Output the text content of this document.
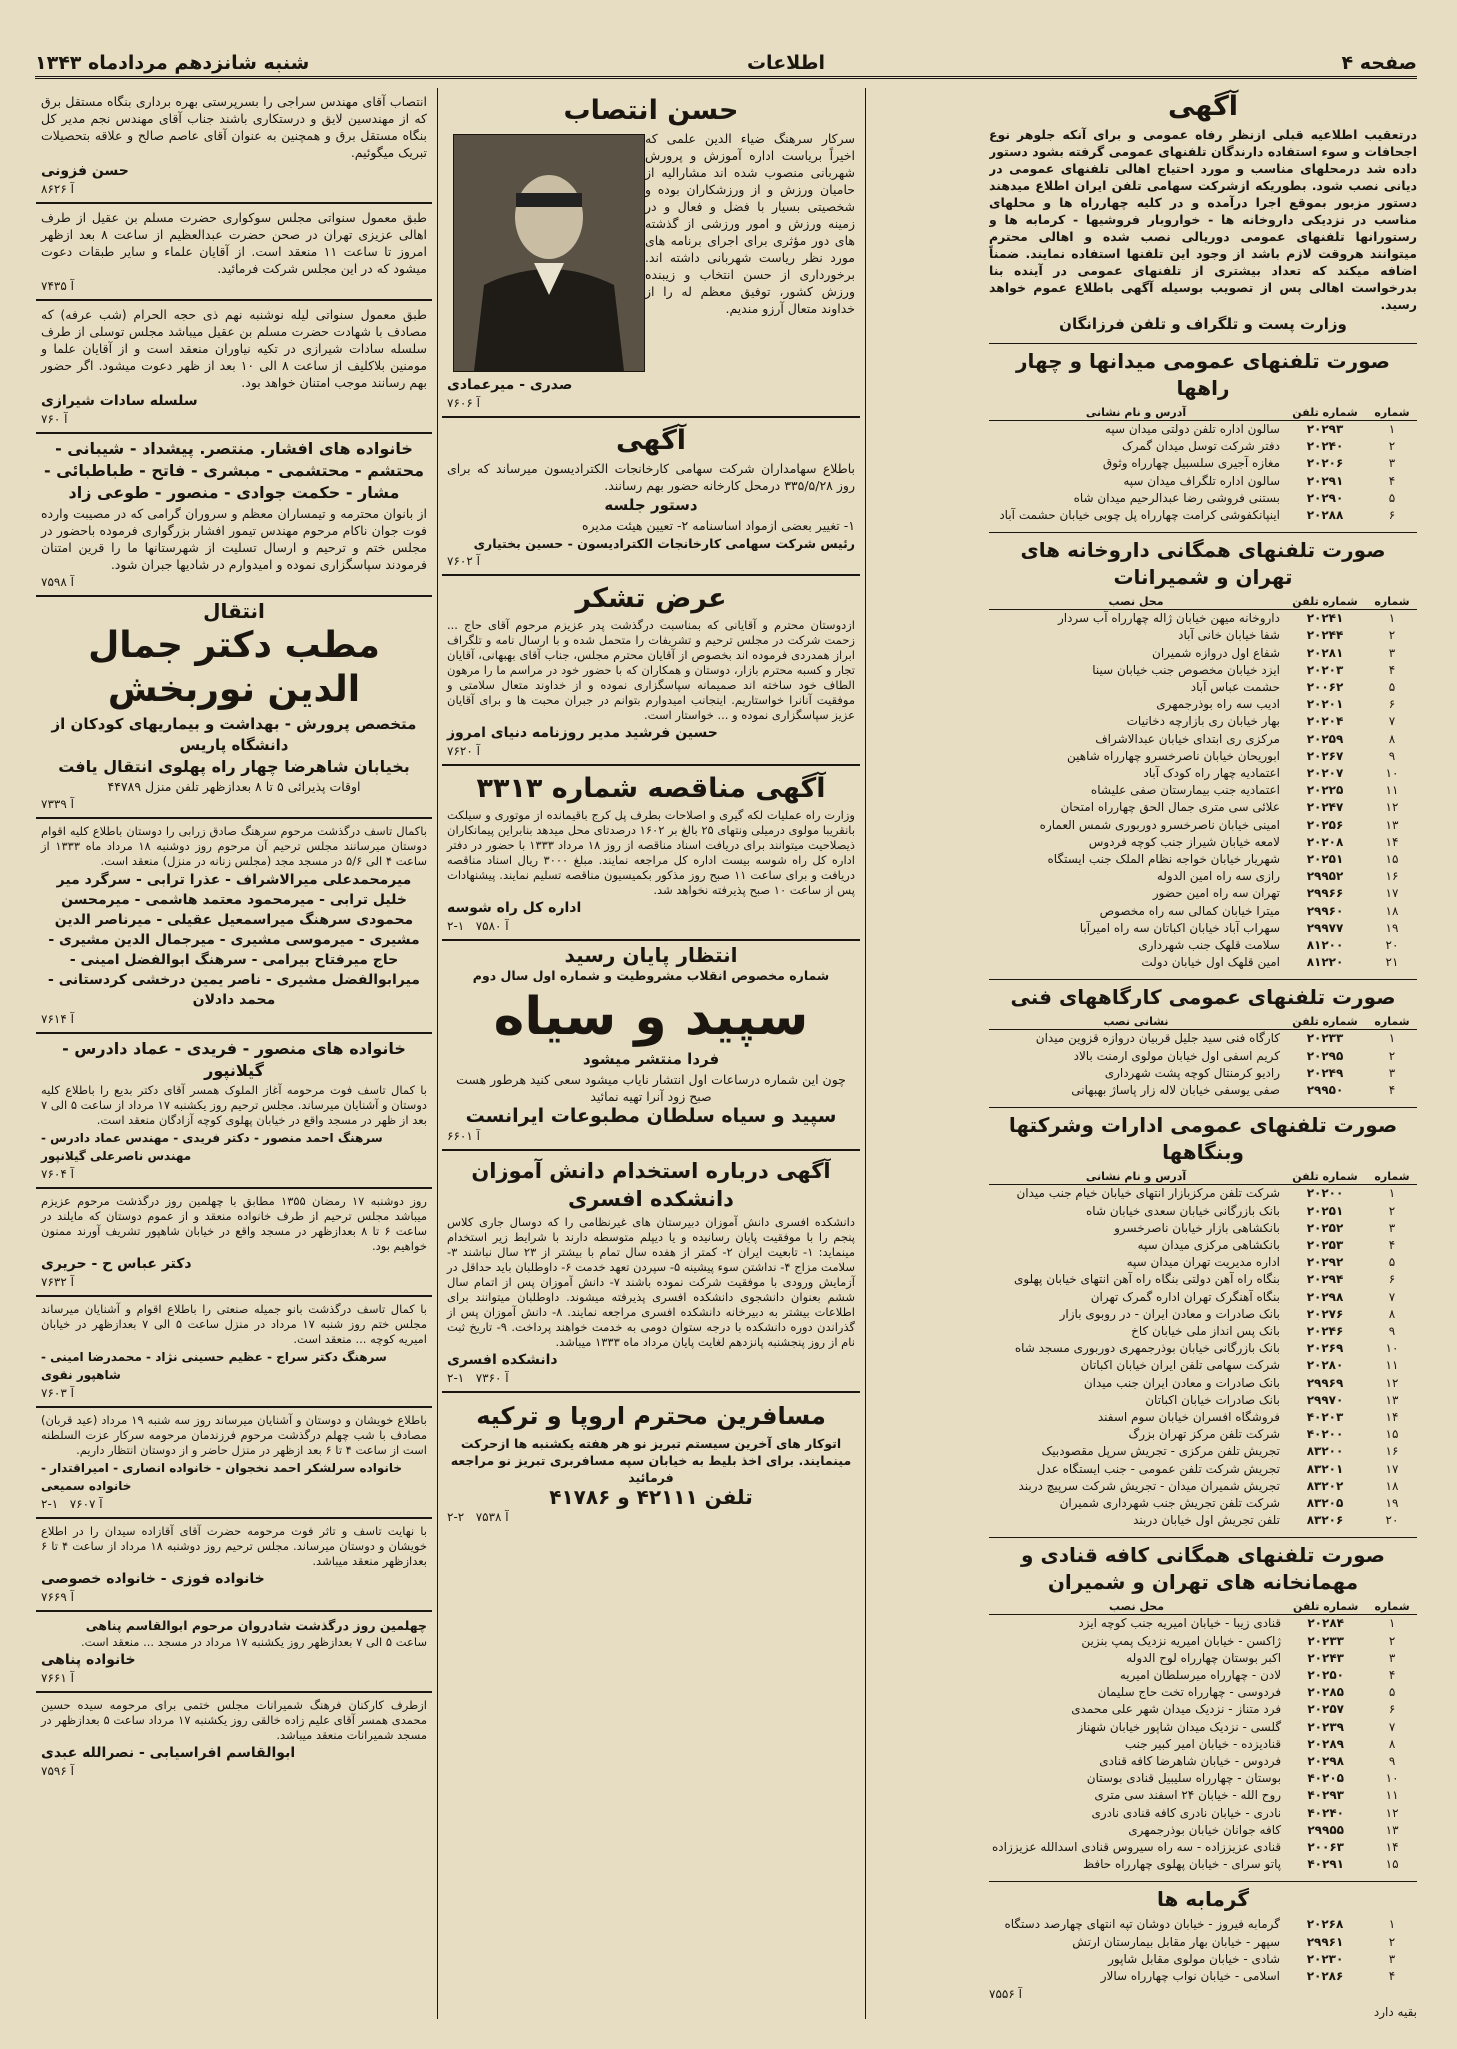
صفحه ۴
اطلاعات
شنبه شانزدهم مردادماه ۱۳۴۳
آگهی
درتعقیب اطلاعیه قبلی ازنظر رفاه عمومی و برای آنکه جلوهر نوع اجحافات و سوء استفاده دارندگان تلفنهای عمومی گرفته بشود دستور داده شد درمحلهای مناسب و مورد احتیاج اهالی تلفنهای عمومی در دیانی نصب شود. بطوریکه ازشرکت سهامی تلفن ایران اطلاع میدهند دستور مزبور بموقع اجرا درآمده و در کلیه چهارراه ها و محلهای مناسب در نزدیکی داروخانه ها - خواروبار فروشیها - کرمابه ها و رستورانها تلفنهای عمومی دوریالی نصب شده و اهالی محترم میتوانند هروقت لازم باشد از وجود این تلفنها استفاده نمایند. ضمناً اضافه میکند که تعداد بیشتری از تلفنهای عمومی در آینده بنا بدرخواست اهالی پس از تصویب بوسیله آگهی باطلاع عموم خواهد رسید.
وزارت پست و تلگراف و تلفن فرزانگان
صورت تلفنهای عمومی میدانها و چهار راهها
شماره	شماره تلفن	آدرس و نام نشانی
۱	۲۰۲۹۳	سالون اداره تلفن دولتی میدان سپه
۲	۲۰۲۴۰	دفتر شرکت توسل میدان گمرک
۳	۲۰۲۰۶	مغازه آجیری سلسبیل چهارراه وثوق
۴	۲۰۲۹۱	سالون اداره تلگراف میدان سپه
۵	۲۰۲۹۰	بستنی فروشی رضا عبدالرحیم میدان شاه
۶	۲۰۲۸۸	اینپانکفوشی کرامت چهارراه پل چوبی خیابان حشمت آباد
صورت تلفنهای همگانی داروخانه های تهران و شمیرانات
شماره	شماره تلفن	محل نصب
۱	۲۰۲۴۱	داروخانه میهن خیابان ژاله چهارراه آب سردار
۲	۲۰۲۴۴	شفا خیابان خانی آباد
۳	۲۰۲۸۱	شفاع اول دروازه شمیران
۴	۲۰۲۰۳	ایزد خیابان مخصوص جنب خیابان سینا
۵	۲۰۰۶۲	حشمت عباس آباد
۶	۲۰۲۰۱	ادیب سه راه بوذرجمهری
۷	۲۰۲۰۴	بهار خیابان ری بازارچه دخانیات
۸	۲۰۲۵۹	مرکزی ری ابتدای خیابان عبدالاشراف
۹	۲۰۲۶۷	ابوریحان خیابان ناصرخسرو چهارراه شاهین
۱۰	۲۰۲۰۷	اعتمادیه چهار راه کودک آباد
۱۱	۲۰۲۲۵	اعتمادیه جنب بیمارستان صفی علیشاه
۱۲	۲۰۲۴۷	علائی سی متری جمال الحق چهارراه امتحان
۱۳	۲۰۲۵۶	امینی خیابان ناصرخسرو دوربوری شمس العماره
۱۴	۲۰۲۰۸	لامعه خیابان شیراز جنب کوچه فردوس
۱۵	۲۰۲۵۱	شهریار خیابان خواجه نظام الملک جنب ایستگاه
۱۶	۲۹۹۵۲	رازی سه راه امین الدوله
۱۷	۲۹۹۶۶	تهران سه راه امین حضور
۱۸	۲۹۹۶۰	میترا خیابان کمالی سه راه مخصوص
۱۹	۲۹۹۷۷	سهراب آباد خیابان اکباتان سه راه امیرآبا
۲۰	۸۱۲۰۰	سلامت قلهک جنب شهرداری
۲۱	۸۱۲۲۰	امین قلهک اول خیابان دولت
صورت تلفنهای عمومی کارگاههای فنی
شماره	شماره تلفن	نشانی نصب
۱	۲۰۲۳۳	کارگاه فنی سید جلیل قربیان دروازه قزوین میدان
۲	۲۰۲۹۵	کریم اسفی اول خیابان مولوی ارمنت بالاد
۳	۲۰۲۴۹	رادیو کرمنتال کوچه پشت شهرداری
۴	۲۹۹۵۰	صفی یوسفی خیابان لاله زار پاساژ بهبهانی
صورت تلفنهای عمومی ادارات وشرکتها وبنگاهها
شماره	شماره تلفن	آدرس و نام نشانی
۱	۲۰۲۰۰	شرکت تلفن مرکزبازار انتهای خیابان خیام جنب میدان
۲	۲۰۲۵۱	بانک بازرگانی خیابان سعدی خیابان شاه
۳	۲۰۲۵۲	بانکشاهی بازار خیابان ناصرخسرو
۴	۲۰۲۵۳	بانکشاهی مرکزی میدان سپه
۵	۲۰۲۹۲	اداره مدیریت تهران میدان سپه
۶	۲۰۲۹۴	بنگاه راه آهن دولتی بنگاه راه آهن انتهای خیابان پهلوی
۷	۲۰۲۹۸	بنگاه آهنگرک تهران اداره گمرک تهران
۸	۲۰۲۷۶	بانک صادرات و معادن ایران - در روبوی بازار
۹	۲۰۲۴۶	بانک پس انداز ملی خیابان کاخ
۱۰	۲۰۲۶۹	بانک بازرگانی خیابان بوذرجمهری دوربوری مسجد شاه
۱۱	۲۰۲۸۰	شرکت سهامی تلفن ایران خیابان اکباتان
۱۲	۲۹۹۶۹	بانک صادرات و معادن ایران جنب میدان
۱۳	۲۹۹۷۰	بانک صادرات خیابان اکباتان
۱۴	۴۰۲۰۳	فروشگاه افسران خیابان سوم اسفند
۱۵	۴۰۲۰۰	شرکت تلفن مرکز تهران بزرگ
۱۶	۸۳۲۰۰	تجریش تلفن مرکزی - تجریش سرپل مقصودبیک
۱۷	۸۳۲۰۱	تجریش شرکت تلفن عمومی - جنب ایستگاه عدل
۱۸	۸۳۲۰۲	تجریش شمیران میدان - تجریش شرکت سرپیچ دربند
۱۹	۸۳۲۰۵	شرکت تلفن تجریش جنب شهرداری شمیران
۲۰	۸۳۲۰۶	تلفن تجریش اول خیابان دربند
صورت تلفنهای همگانی کافه قنادی و مهمانخانه های تهران و شمیران
شماره	شماره تلفن	محل نصب
۱	۲۰۲۸۴	قنادی زیبا - خیابان امیریه جنب کوچه ایزد
۲	۲۰۲۳۳	ژاکسن - خیابان امیریه نزدیک پمپ بنزین
۳	۲۰۲۴۳	اکبر بوستان چهارراه لوح الدوله
۴	۲۰۲۵۰	لادن - چهارراه میرسلطان امیریه
۵	۲۰۲۸۵	فردوسی - چهارراه تخت حاج سلیمان
۶	۲۰۲۵۷	فرد متناز - نزدیک میدان شهر علی محمدی
۷	۲۰۲۳۹	گلسی - نزدیک میدان شاپور خیابان شهناز
۸	۲۰۲۸۹	قنادیزده - خیابان امیر کبیر جنب
۹	۲۰۲۹۸	فردوس - خیابان شاهرضا کافه قنادی
۱۰	۴۰۲۰۵	بوستان - چهارراه سلیبیل قنادی بوستان
۱۱	۴۰۲۹۳	روح الله - خیابان ۲۴ اسفند سی متری
۱۲	۴۰۲۴۰	نادری - خیابان نادری کافه قنادی نادری
۱۳	۲۹۹۵۵	کافه جوانان خیابان بوذرجمهری
۱۴	۲۰۰۶۳	قنادی عزیززاده - سه راه سیروس قنادی اسدالله عزیززاده
۱۵	۴۰۲۹۱	پاتو سرای - خیابان پهلوی چهارراه حافظ
گرمابه ها
۱	۲۰۲۶۸	گرمابه فیروز - خیابان دوشان تپه انتهای چهارصد دستگاه
۲	۲۹۹۶۱	سپهر - خیابان بهار مقابل بیمارستان ارتش
۳	۲۰۲۳۰	شادی - خیابان مولوی مقابل شاپور
۴	۲۰۲۸۶	اسلامی - خیابان نواب چهارراه سالار
آ ۷۵۵۶
بقیه دارد
حسن انتصاب
سرکار سرهنگ ضیاء الدین علمی که اخیراً بریاست اداره آموزش و پرورش شهربانی منصوب شده اند مشارالیه از حامیان ورزش و از ورزشکاران بوده و شخصیتی بسیار با فضل و فعال و در زمینه ورزش و امور ورزشی از گذشته های دور مؤثری برای اجرای برنامه های مورد نظر ریاست شهربانی داشته اند. برخورداری از حسن انتخاب و زیبنده ورزش کشور، توفیق معظم له را از خداوند متعال آرزو مندیم.
صدری - میرعمادی
آ ۷۶۰۶
آگهی
باطلاع سهامداران شرکت سهامی کارخانجات الکترادیسون میرساند که برای روز ۳۳۵/۵/۲۸ درمحل کارخانه حضور بهم رسانند.
دستور جلسه
۱- تغییر بعضی ازمواد اساسنامه ۲- تعیین هیئت مدیره
رئیس شرکت سهامی کارخانجات الکترادیسون - حسین بختیاری
آ ۷۶۰۲
عرض تشکر
ازدوستان محترم و آقایانی که بمناسبت درگذشت پدر عزیزم مرحوم آقای حاج ... زحمت شرکت در مجلس ترحیم و تشریفات را متحمل شده و با ارسال نامه و تلگراف ابراز همدردی فرموده اند بخصوص از آقایان محترم مجلس، جناب آقای بهبهانی، آقایان تجار و کسبه محترم بازار، دوستان و همکاران که با حضور خود در مراسم ما را مرهون الطاف خود ساخته اند صمیمانه سپاسگزاری نموده و از خداوند متعال سلامتی و موفقیت آنانرا خواستاریم. اینجانب امیدوارم بتوانم در جبران محبت ها و برای آقایان عزیز سپاسگزاری نموده و ... خواستار است.
حسین فرشید مدیر روزنامه دنیای امروز
آ ۷۶۲۰
آگهی مناقصه شماره ۳۳۱۳
وزارت راه عملیات لکه گیری و اصلاحات بطرف پل کرج باقیمانده از موتوری و سیلکت بانقریبا مولوی درمیلی ونتهای ۲۵ بالغ بر ۱۶۰۲ درصدتای محل میدهد بنابراین پیمانکاران ذیصلاحیت میتوانند برای دریافت اسناد مناقصه از روز ۱۸ مرداد ۱۳۳۳ با حضور در دفتر اداره کل راه شوسه بیست اداره کل مراجعه نمایند. مبلغ ۳۰۰۰ ریال اسناد مناقصه دریافت و برای ساعت ۱۱ صبح روز مذکور بکمیسیون مناقصه تسلیم نمایند. پیشنهادات پس از ساعت ۱۰ صبح پذیرفته نخواهد شد.
اداره کل راه شوسه
آ ۷۵۸۰   ۱-۲
انتظار پایان رسید
شماره مخصوص انقلاب مشروطیت و شماره اول سال دوم
سپید و سیاه
فردا منتشر میشود
چون این شماره درساعات اول انتشار نایاب میشود سعی کنید هرطور هست صبح زود آنرا تهیه نمائید
سپید و سیاه سلطان مطبوعات ایرانست
آ ۶۶۰۱
آگهی درباره استخدام دانش آموزان دانشکده افسری
دانشکده افسری دانش آموزان دبیرستان های غیرنظامی را که دوسال جاری کلاس پنجم را با موفقیت پایان رسانیده و یا دیپلم متوسطه دارند با شرایط زیر استخدام مینماید: ۱- تابعیت ایران ۲- کمتر از هفده سال تمام با بیشتر از ۲۳ سال نباشند ۳- سلامت مزاج ۴- نداشتن سوء پیشینه ۵- سپردن تعهد خدمت ۶- داوطلبان باید حداقل در آزمایش ورودی با موفقیت شرکت نموده باشند ۷- دانش آموزان پس از اتمام سال ششم بعنوان دانشجوی دانشکده افسری پذیرفته میشوند. داوطلبان میتوانند برای اطلاعات بیشتر به دبیرخانه دانشکده افسری مراجعه نمایند. ۸- دانش آموزان پس از گذراندن دوره دانشکده با درجه ستوان دومی به خدمت خواهند پرداخت. ۹- تاریخ ثبت نام از روز پنجشنبه پانزدهم لغایت پایان مرداد ماه ۱۳۳۳ میباشد.
دانشکده افسری
آ ۷۳۶۰   ۱-۲
مسافرین محترم اروپا و ترکیه
اتوکار های آخرین سیستم تبریز نو هر هفته یکشنبه ها ازحرکت مینمایند. برای اخذ بلیط به خیابان سپه مسافربری تبریز نو مراجعه فرمائید
تلفن ۴۲۱۱۱ و ۴۱۷۸۶
آ ۷۵۳۸   ۲-۲
انتصاب آقای مهندس سراجی را بسرپرستی بهره برداری بنگاه مستقل برق که از مهندسین لایق و درستکاری باشند جناب آقای مهندس نجم مدیر کل بنگاه مستقل برق و همچنین به عنوان آقای عاصم صالح و علاقه بتحصیلات تبریک میگوئیم.
حسن فزونی
آ ۸۶۲۶
طبق معمول سنواتی مجلس سوکواری حضرت مسلم بن عقیل از طرف اهالی عزیزی تهران در صحن حضرت عبدالعظیم از ساعت ۸ بعد ازظهر امروز تا ساعت ۱۱ منعقد است. از آقایان علماء و سایر طبقات دعوت میشود که در این مجلس شرکت فرمائید.
آ ۷۴۳۵
طبق معمول سنواتی لیله نوشنبه نهم ذی حجه الحرام (شب عرفه) که مصادف با شهادت حضرت مسلم بن عقیل میباشد مجلس توسلی از طرف سلسله سادات شیرازی در تکیه نیاوران منعقد است و از آقایان علما و مومنین بلاکلیف از ساعت ۸ الی ۱۰ بعد از ظهر دعوت میشود. اگر حضور بهم رسانند موجب امتنان خواهد بود.
سلسله سادات شیرازی
آ ۷۶۰
خانواده های افشار. منتصر. پیشداد - شیبانی - محتشم - محتشمی - مبشری - فاتح - طباطبائی - مشار - حکمت جوادی - منصور - طوعی زاد
از بانوان محترمه و تیمساران معظم و سروران گرامی که در مصیبت وارده فوت جوان ناکام مرحوم مهندس تیمور افشار بزرگواری فرموده باحضور در مجلس ختم و ترحیم و ارسال تسلیت از شهرستانها ما را قرین امتنان فرمودند سپاسگزاری نموده و امیدوارم در شادیها جبران شود.
آ ۷۵۹۸
انتقال
مطب دکتر جمال الدین نوربخش
متخصص پرورش - بهداشت و بیماریهای کودکان از دانشگاه پاریس
بخیابان شاهرضا چهار راه پهلوی انتقال یافت
اوقات پذیرائی ۵ تا ۸ بعدازظهر تلفن منزل ۴۴۷۸۹
آ ۷۳۳۹
باکمال تاسف درگذشت مرحوم سرهنگ صادق زرابی را دوستان باطلاع کلیه اقوام دوستان میرسانند مجلس ترحیم آن مرحوم روز دوشنبه ۱۸ مرداد ماه ۱۳۳۳ از ساعت ۴ الی ۵/۶ در مسجد مجد (مجلس زنانه در منزل) منعقد است.
میرمحمدعلی میرالاشراف - عذرا ترابی - سرگرد میر خلیل ترابی - میرمحمود معتمد هاشمی - میرمحسن محمودی سرهنگ میراسمعیل عقیلی - میرناصر الدین مشیری - میرموسی مشیری - میرجمال الدین مشیری - حاج میرفتاح بیرامی - سرهنگ ابوالفضل امینی - میرابوالفضل مشیری - ناصر یمین درخشی کردستانی - محمد دادلان
آ ۷۶۱۴
خانواده های منصور - فریدی - عماد دادرس - گیلانپور
با کمال تاسف فوت مرحومه آغاز الملوک همسر آقای دکتر بدیع را باطلاع کلیه دوستان و آشنایان میرساند. مجلس ترحیم روز یکشنبه ۱۷ مرداد از ساعت ۵ الی ۷ بعد از ظهر در مسجد واقع در خیابان پهلوی کوچه آزادگان منعقد است.
سرهنگ احمد منصور - دکتر فریدی - مهندس عماد دادرس - مهندس ناصرعلی گیلانپور
آ ۷۶۰۴
روز دوشنبه ۱۷ رمضان ۱۳۵۵ مطابق با چهلمین روز درگذشت مرحوم عزیزم میباشد مجلس ترحیم از طرف خانواده منعقد و از عموم دوستان که مایلند در ساعت ۶ تا ۸ بعدازظهر در مسجد واقع در خیابان شاهپور تشریف آورند ممنون خواهیم بود.
دکتر عباس ح - حریری
آ ۷۶۳۲
با کمال تاسف درگذشت بانو جمیله صنعتی را باطلاع اقوام و آشنایان میرساند مجلس ختم روز شنبه ۱۷ مرداد در منزل ساعت ۵ الی ۷ بعدازظهر در خیابان امیریه کوچه ... منعقد است.
سرهنگ دکتر سراج - عظیم حسینی نژاد - محمدرضا امینی - شاهپور نقوی
آ ۷۶۰۳
باطلاع خویشان و دوستان و آشنایان میرساند روز سه شنبه ۱۹ مرداد (عید قربان) مصادف با شب چهلم درگذشت مرحوم فرزندمان مرحومه سرکار عزت السلطنه است از ساعت ۴ تا ۶ بعد ازظهر در منزل حاضر و از دوستان انتظار داریم.
خانواده سرلشکر احمد نخجوان - خانواده انصاری - امیراقتدار - خانواده سمیعی
آ ۷۶۰۷   ۱-۲
با نهایت تاسف و تاثر فوت مرحومه حضرت آقای آقازاده سیدان را در اطلاع خویشان و دوستان میرساند. مجلس ترحیم روز دوشنبه ۱۸ مرداد از ساعت ۴ تا ۶ بعدازظهر منعقد میباشد.
خانواده فوزی - خانواده خصوصی
آ ۷۶۶۹
چهلمین روز درگذشت شادروان مرحوم ابوالقاسم پناهی
ساعت ۵ الی ۷ بعدازظهر روز یکشنبه ۱۷ مرداد در مسجد ... منعقد است.
خانواده پناهی
آ ۷۶۶۱
ازطرف کارکنان فرهنگ شمیرانات مجلس ختمی برای مرحومه سیده حسین محمدی همسر آقای علیم زاده خالقی روز یکشنبه ۱۷ مرداد ساعت ۵ بعدازظهر در مسجد شمیرانات منعقد میباشد.
ابوالقاسم افراسیابی - نصرالله عبدی
آ ۷۵۹۶
